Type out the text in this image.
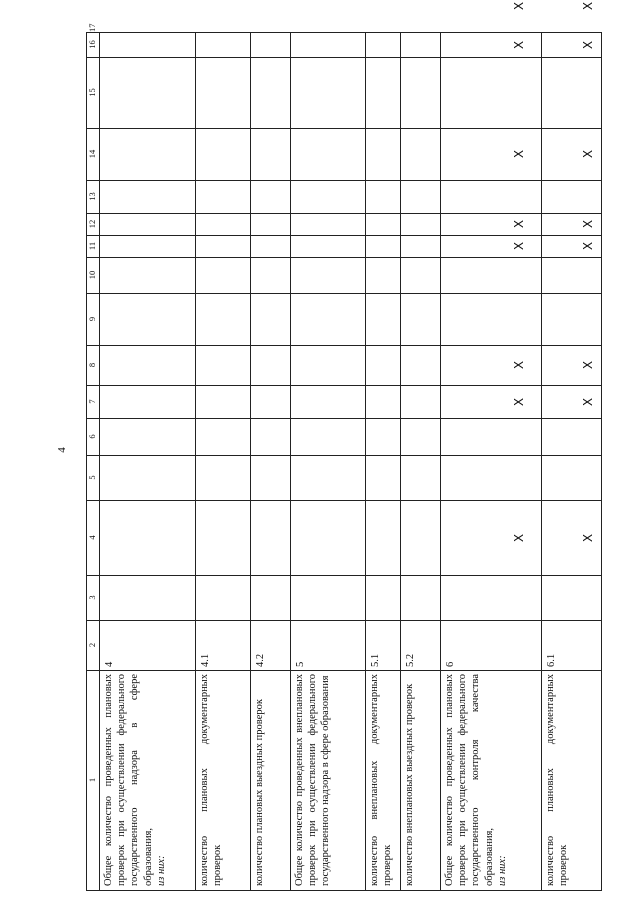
4
1
2
3
4
5
6
7
8
9
10
11
12
13
14
15
16
17
Общее количество проведенных плановых проверок при осуществлении федерального государственного надзора в сфере образования, из них:
4
количество плановых документарных проверок
4.1
количество плановых выездных проверок
4.2
Общее количество проведенных внеплановых проверок при осуществлении федерального государственного надзора в сфере образования
5
количество внеплановых документарных проверок
5.1
количество внеплановых выездных проверок
5.2
Общее количество проведенных плановых проверок при осуществлении федерального государственного контроля качества образования, из них:
6
X
X
X
X
X
X
X
X
количество плановых документарных проверок
6.1
X
X
X
X
X
X
X
X
